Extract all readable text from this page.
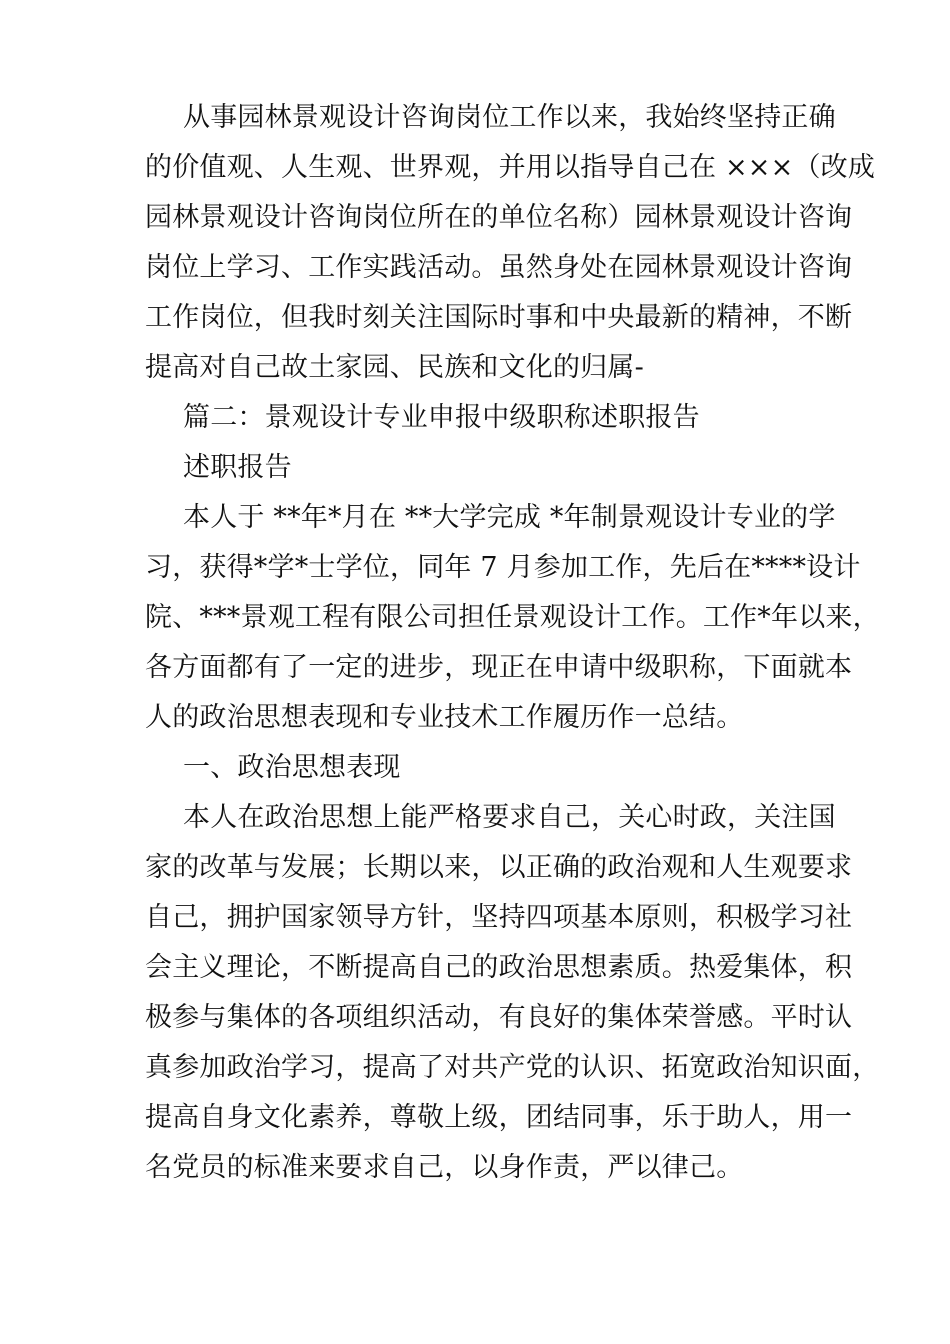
从事园林景观设计咨询岗位工作以来，我始终坚持正确
的价值观、人生观、世界观，并用以指导自己在 ×××（改成
园林景观设计咨询岗位所在的单位名称）园林景观设计咨询
岗位上学习、工作实践活动。虽然身处在园林景观设计咨询
工作岗位，但我时刻关注国际时事和中央最新的精神，不断
提高对自己故土家园、民族和文化的归属-
篇二：景观设计专业申报中级职称述职报告
述职报告
本人于 **年*月在 **大学完成 *年制景观设计专业的学
习，获得*学*士学位，同年 7 月参加工作，先后在****设计
院、***景观工程有限公司担任景观设计工作。工作*年以来，
各方面都有了一定的进步，现正在申请中级职称，下面就本
人的政治思想表现和专业技术工作履历作一总结。
一、政治思想表现
本人在政治思想上能严格要求自己，关心时政，关注国
家的改革与发展；长期以来，以正确的政治观和人生观要求
自己，拥护国家领导方针，坚持四项基本原则，积极学习社
会主义理论，不断提高自己的政治思想素质。热爱集体，积
极参与集体的各项组织活动，有良好的集体荣誉感。平时认
真参加政治学习，提高了对共产党的认识、拓宽政治知识面，
提高自身文化素养，尊敬上级，团结同事，乐于助人，用一
名党员的标准来要求自己，以身作责，严以律己。
